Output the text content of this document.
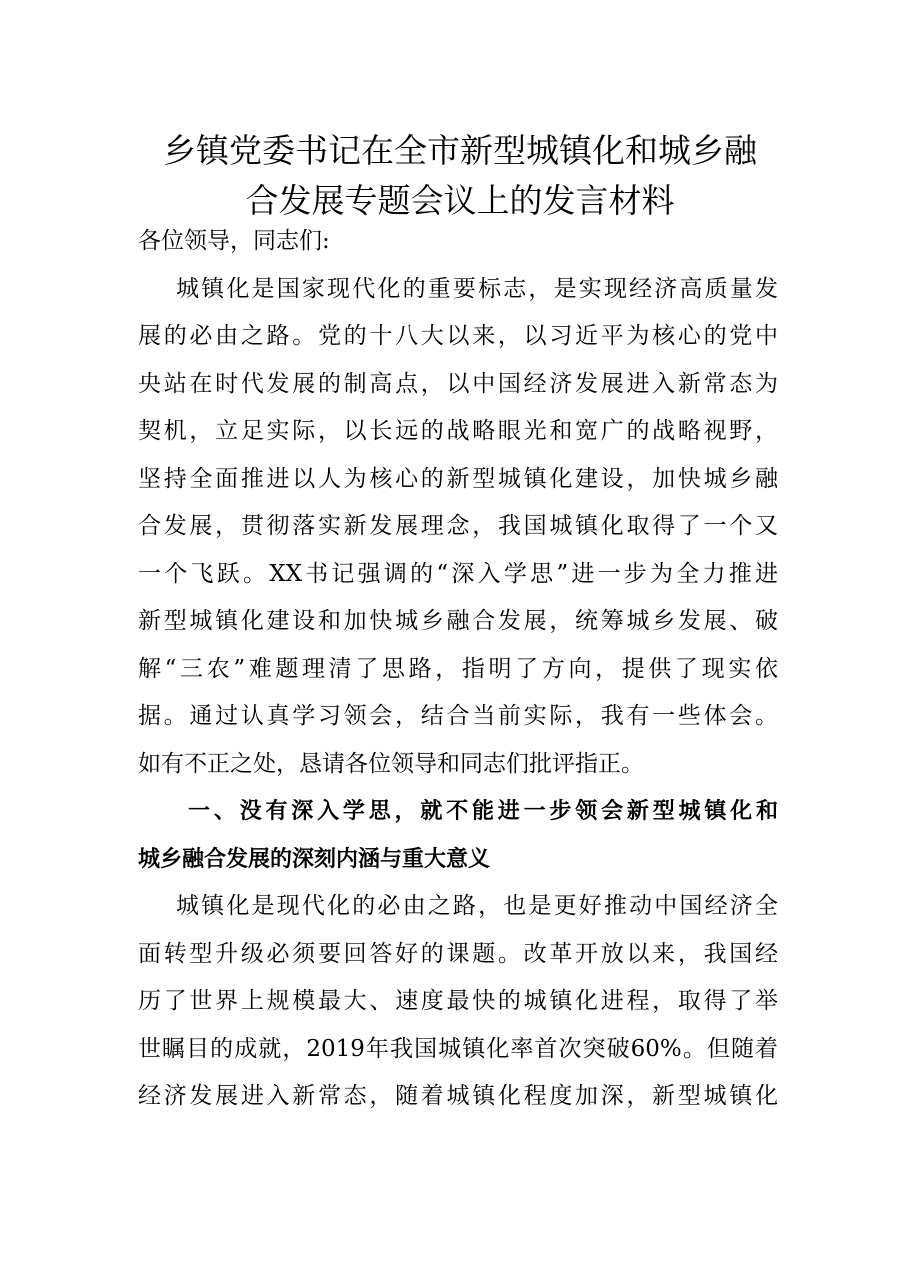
乡镇党委书记在全市新型城镇化和城乡融
合发展专题会议上的发言材料
各位领导，同志们:
城镇化是国家现代化的重要标志，是实现经济高质量发
展的必由之路。党的十八大以来，以习近平为核心的党中
央站在时代发展的制高点，以中国经济发展进入新常态为
契机，立足实际，以长远的战略眼光和宽广的战略视野，
坚持全面推进以人为核心的新型城镇化建设，加快城乡融
合发展，贯彻落实新发展理念，我国城镇化取得了一个又
一个飞跃。XX书记强调的“深入学思”进一步为全力推进
新型城镇化建设和加快城乡融合发展，统筹城乡发展、破
解“三农”难题理清了思路，指明了方向，提供了现实依
据。通过认真学习领会，结合当前实际，我有一些体会。
如有不正之处，恳请各位领导和同志们批评指正。
一、没有深入学思，就不能进一步领会新型城镇化和
城乡融合发展的深刻内涵与重大意义
城镇化是现代化的必由之路，也是更好推动中国经济全
面转型升级必须要回答好的课题。改革开放以来，我国经
历了世界上规模最大、速度最快的城镇化进程，取得了举
世瞩目的成就，2019年我国城镇化率首次突破60%。但随着
经济发展进入新常态，随着城镇化程度加深，新型城镇化
